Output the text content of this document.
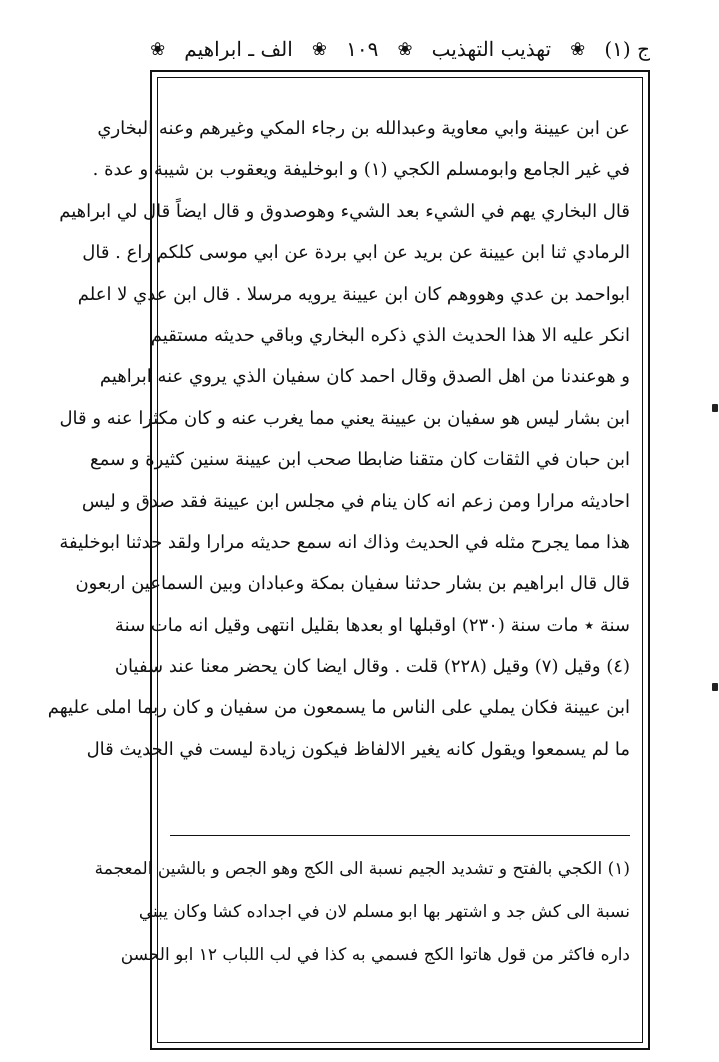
ج (١)
❀
تهذيب التهذيب
❀
١٠٩
❀
الف ـ ابراهيم
❀
عن ابن عيينة وابي معاوية وعبدالله بن رجاء المكي وغيرهم وعنه البخاري
في غير الجامع وابومسلم الكجي (١) و ابوخليفة ويعقوب بن شيبة و عدة .
قال البخاري يهم في الشيء بعد الشيء وهوصدوق و قال ايضاً قال لي ابراهيم
الرمادي ثنا ابن عيينة عن بريد عن ابي بردة عن ابي موسى كلكم راع . قال
ابواحمد بن عدي وهووهم كان ابن عيينة يرويه مرسلا . قال ابن عدي لا اعلم
انكر عليه الا هذا الحديث الذي ذكره البخاري وباقي حديثه مستقيم
و هوعندنا من اهل الصدق وقال احمد كان سفيان الذي يروي عنه ابراهيم
ابن بشار ليس هو سفيان بن عيينة يعني مما يغرب عنه و كان مكثرا عنه و قال
ابن حبان في الثقات كان متقنا ضابطا صحب ابن عيينة سنين كثيرة و سمع
احاديثه مرارا ومن زعم انه كان ينام في مجلس ابن عيينة فقد صدق و ليس
هذا مما يجرح مثله في الحديث وذاك انه سمع حديثه مرارا ولقد حدثنا ابوخليفة
قال قال ابراهيم بن بشار حدثنا سفيان بمكة وعبادان وبين السماعين اربعون
سنة ٭ مات سنة (٢٣٠) اوقبلها او بعدها بقليل انتهى وقيل انه مات سنة
(٤) وقيل (٧) وقيل (٢٢٨) قلت . وقال ايضا كان يحضر معنا عند سفيان
ابن عيينة فكان يملي على الناس ما يسمعون من سفيان و كان ربما املى عليهم
ما لم يسمعوا ويقول كانه يغير الالفاظ فيكون زيادة ليست في الحديث قال
(١) الكجي بالفتح و تشديد الجيم نسبة الى الكج وهو الجص و بالشين المعجمة
نسبة الى كش جد و اشتهر بها ابو مسلم لان في اجداده كشا وكان يبني
داره فاكثر من قول هاتوا الكج فسمي به كذا في لب اللباب ١٢ ابو الحسن
